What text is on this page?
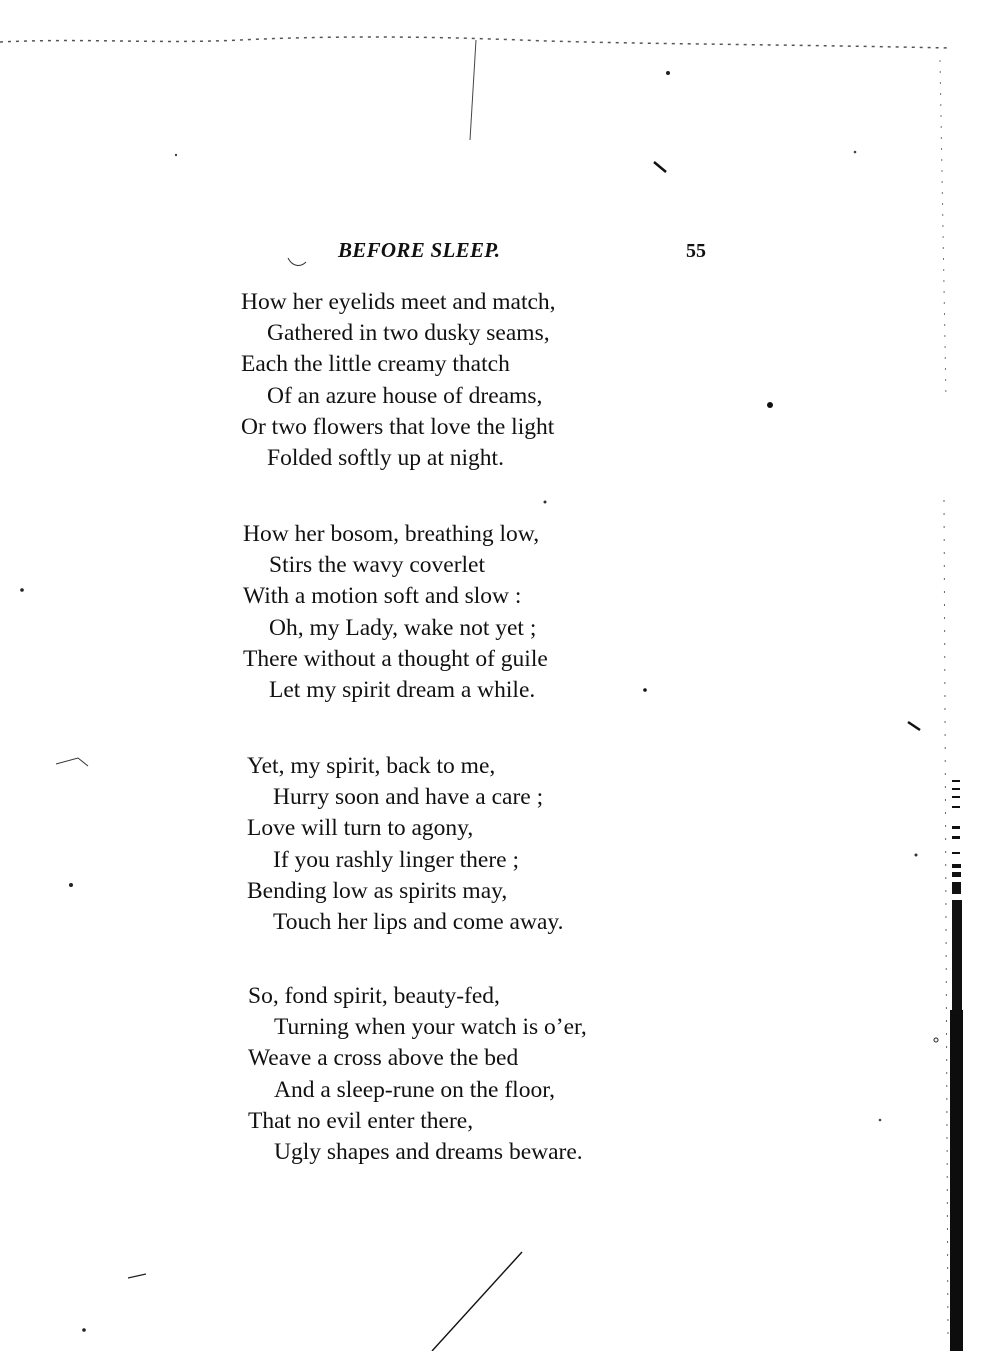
BEFORE SLEEP.	55
How her eyelids meet and match,
Gathered in two dusky seams,
Each the little creamy thatch
Of an azure house of dreams,
Or two flowers that love the light
Folded softly up at night.
How her bosom, breathing low,
Stirs the wavy coverlet
With a motion soft and slow :
Oh, my Lady, wake not yet ;
There without a thought of guile
Let my spirit dream a while.
Yet, my spirit, back to me,
Hurry soon and have a care ;
Love will turn to agony,
If you rashly linger there ;
Bending low as spirits may,
Touch her lips and come away.
So, fond spirit, beauty-fed,
Turning when your watch is o’er,
Weave a cross above the bed
And a sleep-rune on the floor,
That no evil enter there,
Ugly shapes and dreams beware.
